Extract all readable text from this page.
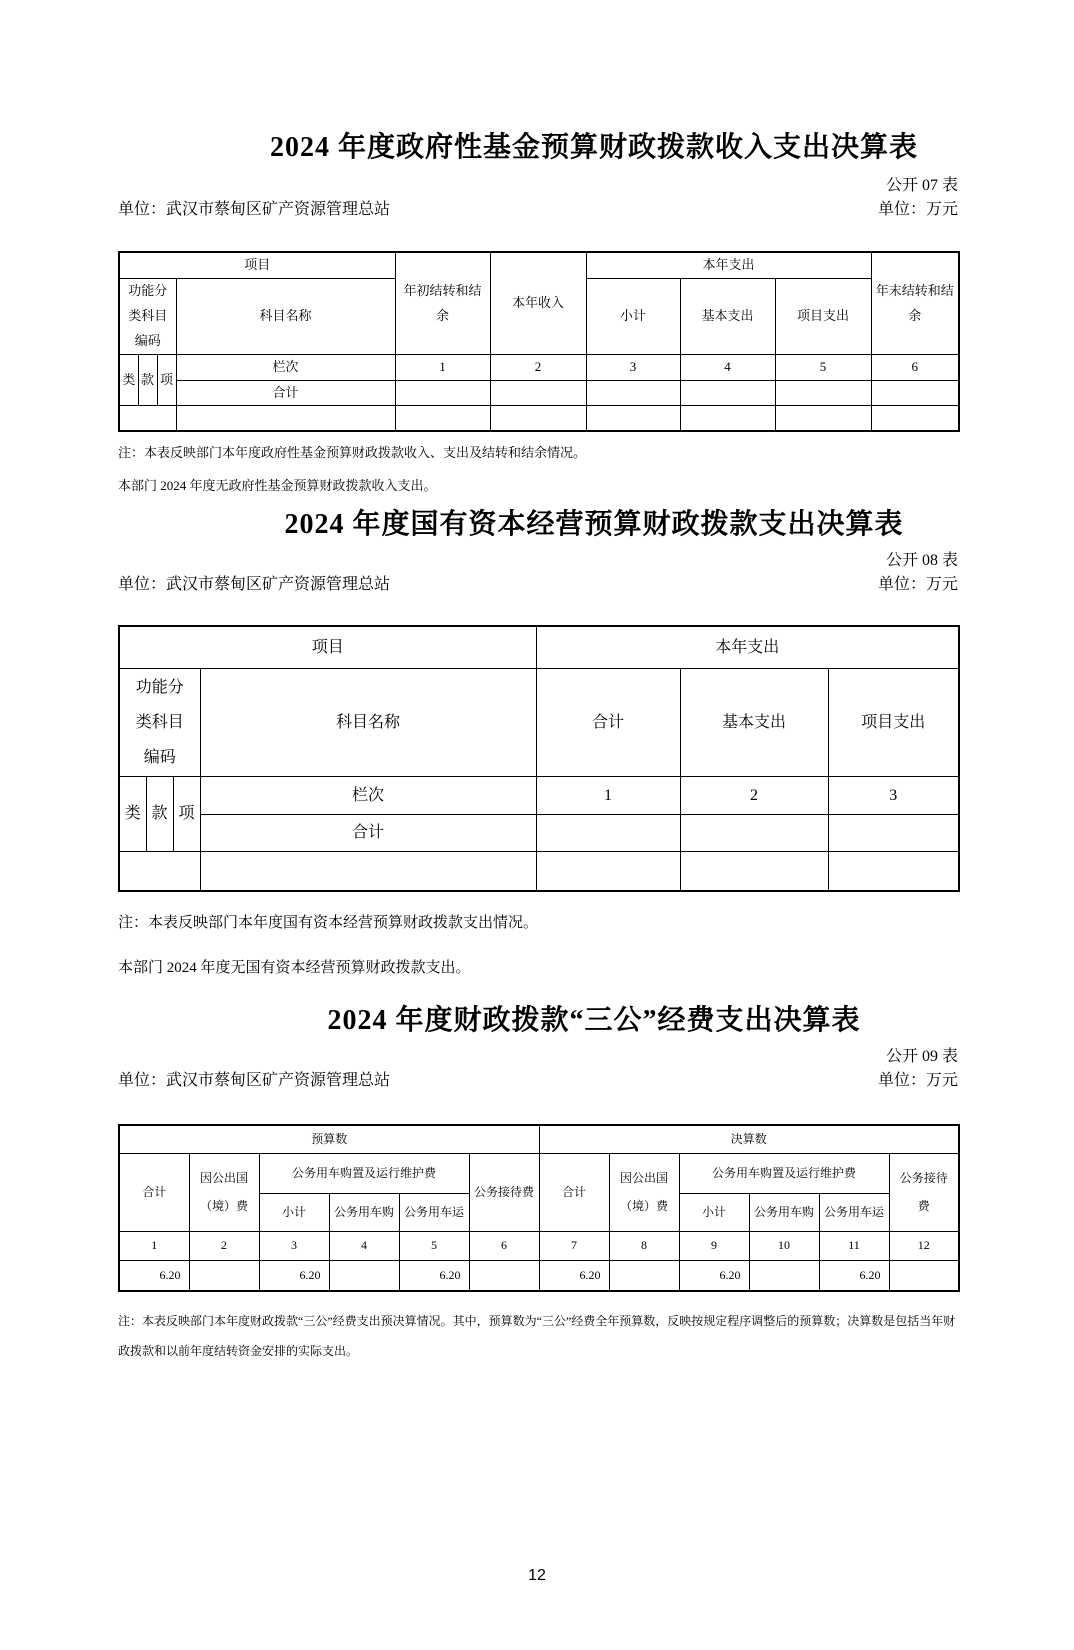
2024 年度政府性基金预算财政拨款收入支出决算表
公开 07 表
单位：武汉市蔡甸区矿产资源管理总站	单位：万元
项目				年初结转和结余	本年收入	本年支出			年末结转和结余
功能分类科目编码			科目名称			小计	基本支出	项目支出	
类	款	项	栏次	1	2	3	4	5	6
			合计						

注：本表反映部门本年度政府性基金预算财政拨款收入、支出及结转和结余情况。

本部门 2024 年度无政府性基金预算财政拨款收入支出。

2024 年度国有资本经营预算财政拨款支出决算表
公开 08 表
单位：武汉市蔡甸区矿产资源管理总站	单位：万元
项目				本年支出		
功能分类科目编码			科目名称	合计	基本支出	项目支出
类	款	项	栏次	1	2	3
			合计			

注：本表反映部门本年度国有资本经营预算财政拨款支出情况。

本部门 2024 年度无国有资本经营预算财政拨款支出。

2024 年度财政拨款“三公”经费支出决算表
公开 09 表
单位：武汉市蔡甸区矿产资源管理总站	单位：万元
预算数						决算数					
合计	因公出国（境）费	公务用车购置及运行维护费			公务接待费	合计	因公出国（境）费	公务用车购置及运行维护费			公务接待费
		小计	公务用车购	公务用车运				小计	公务用车购	公务用车运	
1	2	3	4	5	6	7	8	9	10	11	12
6.20		6.20		6.20		6.20		6.20		6.20	

注：本表反映部门本年度财政拨款“三公”经费支出预决算情况。其中，预算数为“三公”经费全年预算数，反映按规定程序调整后的预算数；决算数是包括当年财政拨款和以前年度结转资金安排的实际支出。

12
